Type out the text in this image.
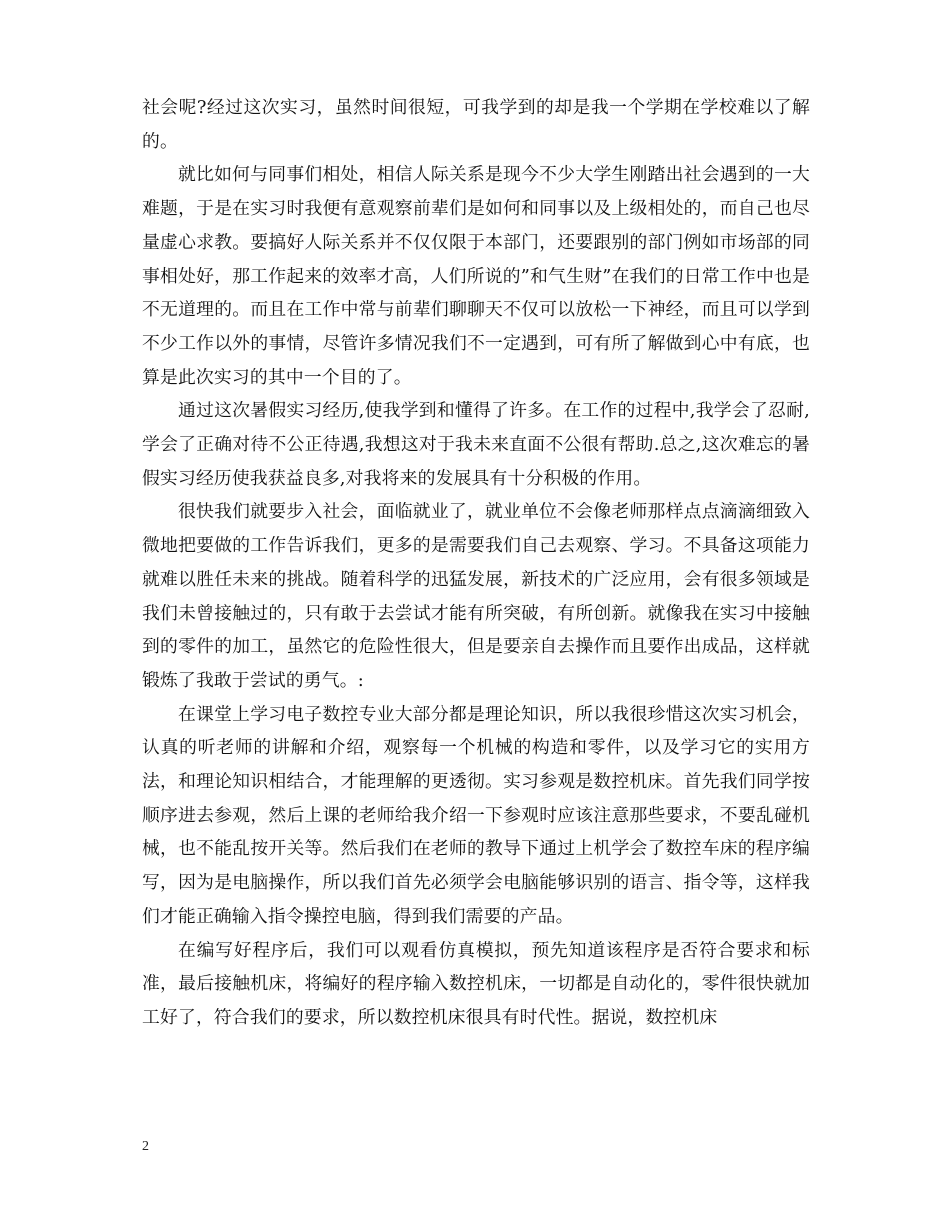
社会呢?经过这次实习，虽然时间很短，可我学到的却是我一个学期在学校难以了解的。

就比如何与同事们相处，相信人际关系是现今不少大学生刚踏出社会遇到的一大难题，于是在实习时我便有意观察前辈们是如何和同事以及上级相处的，而自己也尽量虚心求教。要搞好人际关系并不仅仅限于本部门，还要跟别的部门例如市场部的同事相处好，那工作起来的效率才高，人们所说的”和气生财”在我们的日常工作中也是不无道理的。而且在工作中常与前辈们聊聊天不仅可以放松一下神经，而且可以学到不少工作以外的事情，尽管许多情况我们不一定遇到，可有所了解做到心中有底，也算是此次实习的其中一个目的了。

通过这次暑假实习经历,使我学到和懂得了许多。在工作的过程中,我学会了忍耐,学会了正确对待不公正待遇,我想这对于我未来直面不公很有帮助.总之,这次难忘的暑假实习经历使我获益良多,对我将来的发展具有十分积极的作用。

很快我们就要步入社会，面临就业了，就业单位不会像老师那样点点滴滴细致入微地把要做的工作告诉我们，更多的是需要我们自己去观察、学习。不具备这项能力就难以胜任未来的挑战。随着科学的迅猛发展，新技术的广泛应用，会有很多领域是我们未曾接触过的，只有敢于去尝试才能有所突破，有所创新。就像我在实习中接触到的零件的加工，虽然它的危险性很大，但是要亲自去操作而且要作出成品，这样就锻炼了我敢于尝试的勇气。:

在课堂上学习电子数控专业大部分都是理论知识，所以我很珍惜这次实习机会，认真的听老师的讲解和介绍，观察每一个机械的构造和零件，以及学习它的实用方法，和理论知识相结合，才能理解的更透彻。实习参观是数控机床。首先我们同学按顺序进去参观，然后上课的老师给我介绍一下参观时应该注意那些要求，不要乱碰机械，也不能乱按开关等。然后我们在老师的教导下通过上机学会了数控车床的程序编写，因为是电脑操作，所以我们首先必须学会电脑能够识别的语言、指令等，这样我们才能正确输入指令操控电脑，得到我们需要的产品。

在编写好程序后，我们可以观看仿真模拟，预先知道该程序是否符合要求和标准，最后接触机床，将编好的程序输入数控机床，一切都是自动化的，零件很快就加工好了，符合我们的要求，所以数控机床很具有时代性。据说，数控机床

2
